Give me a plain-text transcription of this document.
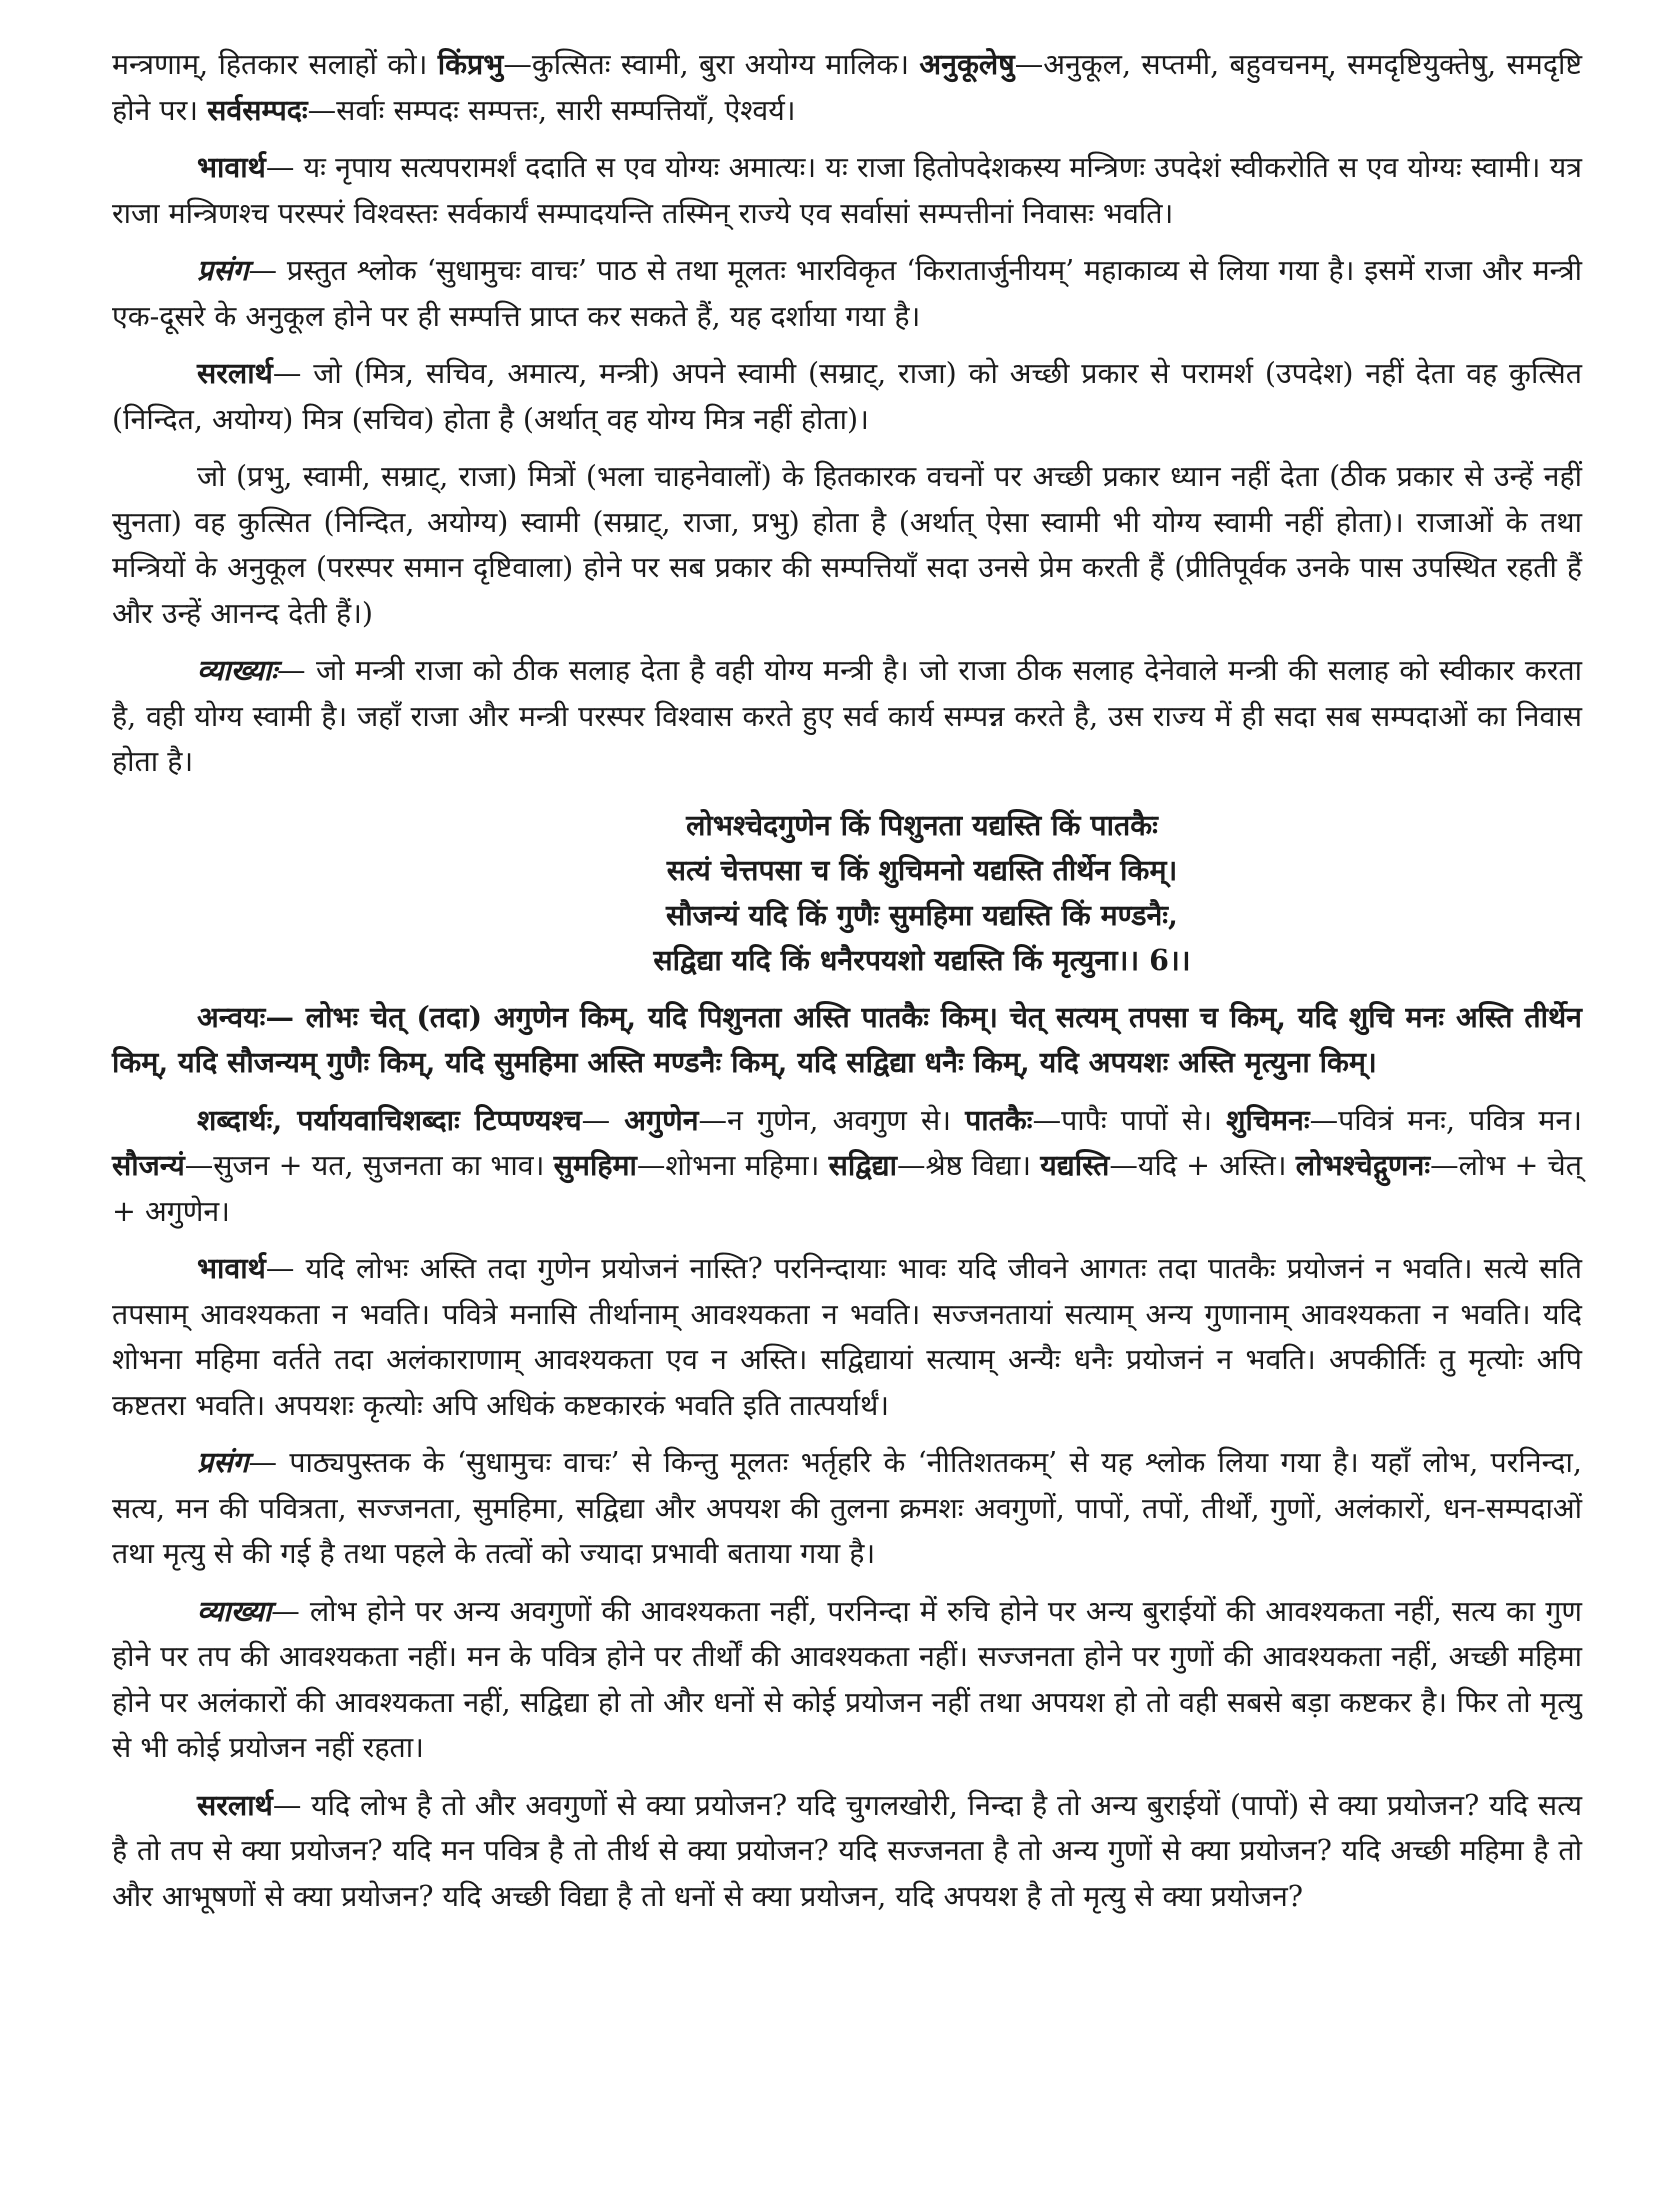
मन्त्रणाम्, हितकार सलाहों को। किंप्रभु—कुत्सितः स्वामी, बुरा अयोग्य मालिक। अनुकूलेषु—अनुकूल, सप्तमी, बहुवचनम्, समदृष्टियुक्तेषु, समदृष्टि होने पर। सर्वसम्पदः—सर्वाः सम्पदः सम्पत्तः, सारी सम्पत्तियाँ, ऐश्वर्य।

भावार्थ— यः नृपाय सत्यपरामर्शं ददाति स एव योग्यः अमात्यः। यः राजा हितोपदेशकस्य मन्त्रिणः उपदेशं स्वीकरोति स एव योग्यः स्वामी। यत्र राजा मन्त्रिणश्च परस्परं विश्वस्तः सर्वकार्यं सम्पादयन्ति तस्मिन् राज्ये एव सर्वासां सम्पत्तीनां निवासः भवति।

प्रसंग— प्रस्तुत श्लोक ‘सुधामुचः वाचः’ पाठ से तथा मूलतः भारविकृत ‘किरातार्जुनीयम्’ महाकाव्य से लिया गया है। इसमें राजा और मन्त्री एक-दूसरे के अनुकूल होने पर ही सम्पत्ति प्राप्त कर सकते हैं, यह दर्शाया गया है।

सरलार्थ— जो (मित्र, सचिव, अमात्य, मन्त्री) अपने स्वामी (सम्राट्, राजा) को अच्छी प्रकार से परामर्श (उपदेश) नहीं देता वह कुत्सित (निन्दित, अयोग्य) मित्र (सचिव) होता है (अर्थात् वह योग्य मित्र नहीं होता)।

जो (प्रभु, स्वामी, सम्राट्, राजा) मित्रों (भला चाहनेवालों) के हितकारक वचनों पर अच्छी प्रकार ध्यान नहीं देता (ठीक प्रकार से उन्हें नहीं सुनता) वह कुत्सित (निन्दित, अयोग्य) स्वामी (सम्राट्, राजा, प्रभु) होता है (अर्थात् ऐसा स्वामी भी योग्य स्वामी नहीं होता)। राजाओं के तथा मन्त्रियों के अनुकूल (परस्पर समान दृष्टिवाला) होने पर सब प्रकार की सम्पत्तियाँ सदा उनसे प्रेम करती हैं (प्रीतिपूर्वक उनके पास उपस्थित रहती हैं और उन्हें आनन्द देती हैं।)

व्याख्याः— जो मन्त्री राजा को ठीक सलाह देता है वही योग्य मन्त्री है। जो राजा ठीक सलाह देनेवाले मन्त्री की सलाह को स्वीकार करता है, वही योग्य स्वामी है। जहाँ राजा और मन्त्री परस्पर विश्वास करते हुए सर्व कार्य सम्पन्न करते है, उस राज्य में ही सदा सब सम्पदाओं का निवास होता है।

लोभश्चेदगुणेन किं पिशुनता यद्यस्ति किं पातकैः
सत्यं चेत्तपसा च किं शुचिमनो यद्यस्ति तीर्थेन किम्।
सौजन्यं यदि किं गुणैः सुमहिमा यद्यस्ति किं मण्डनैः,
सद्विद्या यदि किं धनैरपयशो यद्यस्ति किं मृत्युना।। 6।।

अन्वयः— लोभः चेत् (तदा) अगुणेन किम्, यदि पिशुनता अस्ति पातकैः किम्। चेत् सत्यम् तपसा च किम्, यदि शुचि मनः अस्ति तीर्थेन किम्, यदि सौजन्यम् गुणैः किम्, यदि सुमहिमा अस्ति मण्डनैः किम्, यदि सद्विद्या धनैः किम्, यदि अपयशः अस्ति मृत्युना किम्।

शब्दार्थः, पर्यायवाचिशब्दाः टिप्पण्यश्च— अगुणेन—न गुणेन, अवगुण से। पातकैः—पापैः पापों से। शुचिमनः—पवित्रं मनः, पवित्र मन। सौजन्यं—सुजन + यत, सुजनता का भाव। सुमहिमा—शोभना महिमा। सद्विद्या—श्रेष्ठ विद्या। यद्यस्ति—यदि + अस्ति। लोभश्चेद्गुणनः—लोभ + चेत् + अगुणेन।

भावार्थ— यदि लोभः अस्ति तदा गुणेन प्रयोजनं नास्ति? परनिन्दायाः भावः यदि जीवने आगतः तदा पातकैः प्रयोजनं न भवति। सत्ये सति तपसाम् आवश्यकता न भवति। पवित्रे मनासि तीर्थानाम् आवश्यकता न भवति। सज्जनतायां सत्याम् अन्य गुणानाम् आवश्यकता न भवति। यदि शोभना महिमा वर्तते तदा अलंकाराणाम् आवश्यकता एव न अस्ति। सद्विद्यायां सत्याम् अन्यैः धनैः प्रयोजनं न भवति। अपकीर्तिः तु मृत्योः अपि कष्टतरा भवति। अपयशः कृत्योः अपि अधिकं कष्टकारकं भवति इति तात्पर्यार्थं।

प्रसंग— पाठ्यपुस्तक के ‘सुधामुचः वाचः’ से किन्तु मूलतः भर्तृहरि के ‘नीतिशतकम्’ से यह श्लोक लिया गया है। यहाँ लोभ, परनिन्दा, सत्य, मन की पवित्रता, सज्जनता, सुमहिमा, सद्विद्या और अपयश की तुलना क्रमशः अवगुणों, पापों, तपों, तीर्थों, गुणों, अलंकारों, धन-सम्पदाओं तथा मृत्यु से की गई है तथा पहले के तत्वों को ज्यादा प्रभावी बताया गया है।

व्याख्या— लोभ होने पर अन्य अवगुणों की आवश्यकता नहीं, परनिन्दा में रुचि होने पर अन्य बुराईयों की आवश्यकता नहीं, सत्य का गुण होने पर तप की आवश्यकता नहीं। मन के पवित्र होने पर तीर्थों की आवश्यकता नहीं। सज्जनता होने पर गुणों की आवश्यकता नहीं, अच्छी महिमा होने पर अलंकारों की आवश्यकता नहीं, सद्विद्या हो तो और धनों से कोई प्रयोजन नहीं तथा अपयश हो तो वही सबसे बड़ा कष्टकर है। फिर तो मृत्यु से भी कोई प्रयोजन नहीं रहता।

सरलार्थ— यदि लोभ है तो और अवगुणों से क्या प्रयोजन? यदि चुगलखोरी, निन्दा है तो अन्य बुराईयों (पापों) से क्या प्रयोजन? यदि सत्य है तो तप से क्या प्रयोजन? यदि मन पवित्र है तो तीर्थ से क्या प्रयोजन? यदि सज्जनता है तो अन्य गुणों से क्या प्रयोजन? यदि अच्छी महिमा है तो और आभूषणों से क्या प्रयोजन? यदि अच्छी विद्या है तो धनों से क्या प्रयोजन, यदि अपयश है तो मृत्यु से क्या प्रयोजन?
